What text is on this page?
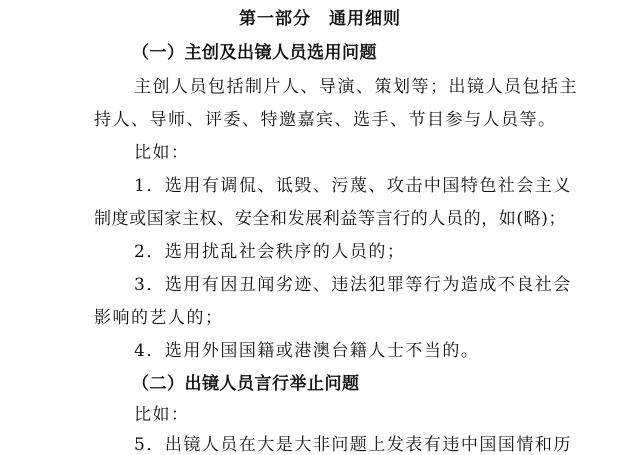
第一部分　通用细则
（一）主创及出镜人员选用问题
主创人员包括制片人、导演、策划等；出镜人员包括主
持人、导师、评委、特邀嘉宾、选手、节目参与人员等。
比如：
1．选用有调侃、诋毁、污蔑、攻击中国特色社会主义
制度或国家主权、安全和发展利益等言行的人员的，如(略)；
2．选用扰乱社会秩序的人员的；
3．选用有因丑闻劣迹、违法犯罪等行为造成不良社会
影响的艺人的；
4．选用外国国籍或港澳台籍人士不当的。
（二）出镜人员言行举止问题
比如：
5．出镜人员在大是大非问题上发表有违中国国情和历
